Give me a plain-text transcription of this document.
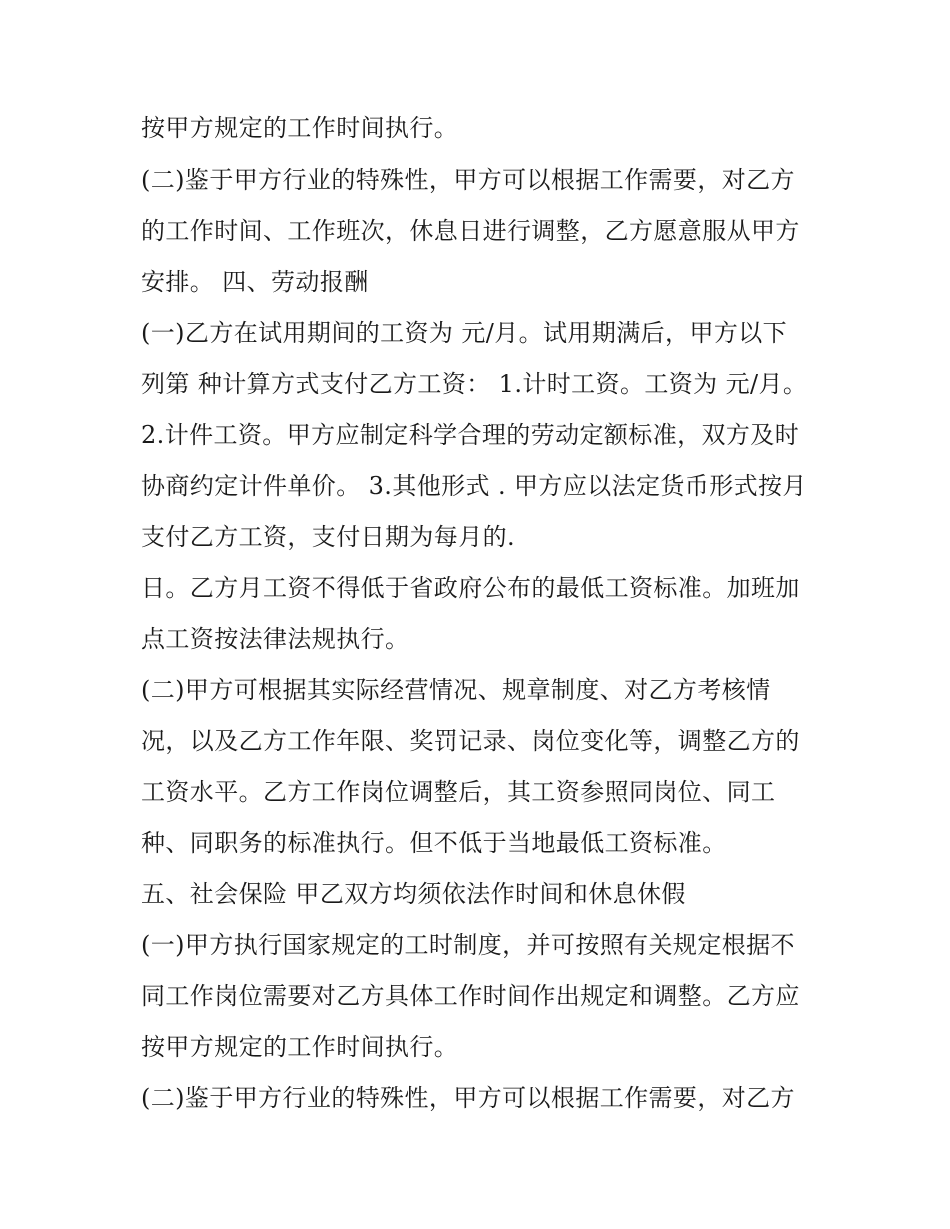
按甲方规定的工作时间执行。
(二)鉴于甲方行业的特殊性，甲方可以根据工作需要，对乙方
的工作时间、工作班次，休息日进行调整，乙方愿意服从甲方
安排。 四、劳动报酬
(一)乙方在试用期间的工资为 元/月。试用期满后，甲方以下
列第 种计算方式支付乙方工资： 1.计时工资。工资为 元/月。
2.计件工资。甲方应制定科学合理的劳动定额标准，双方及时
协商约定计件单价。 3.其他形式 . 甲方应以法定货币形式按月
支付乙方工资，支付日期为每月的.
日。乙方月工资不得低于省政府公布的最低工资标准。加班加
点工资按法律法规执行。
(二)甲方可根据其实际经营情况、规章制度、对乙方考核情
况，以及乙方工作年限、奖罚记录、岗位变化等，调整乙方的
工资水平。乙方工作岗位调整后，其工资参照同岗位、同工
种、同职务的标准执行。但不低于当地最低工资标准。
五、社会保险 甲乙双方均须依法作时间和休息休假
(一)甲方执行国家规定的工时制度，并可按照有关规定根据不
同工作岗位需要对乙方具体工作时间作出规定和调整。乙方应
按甲方规定的工作时间执行。
(二)鉴于甲方行业的特殊性，甲方可以根据工作需要，对乙方
